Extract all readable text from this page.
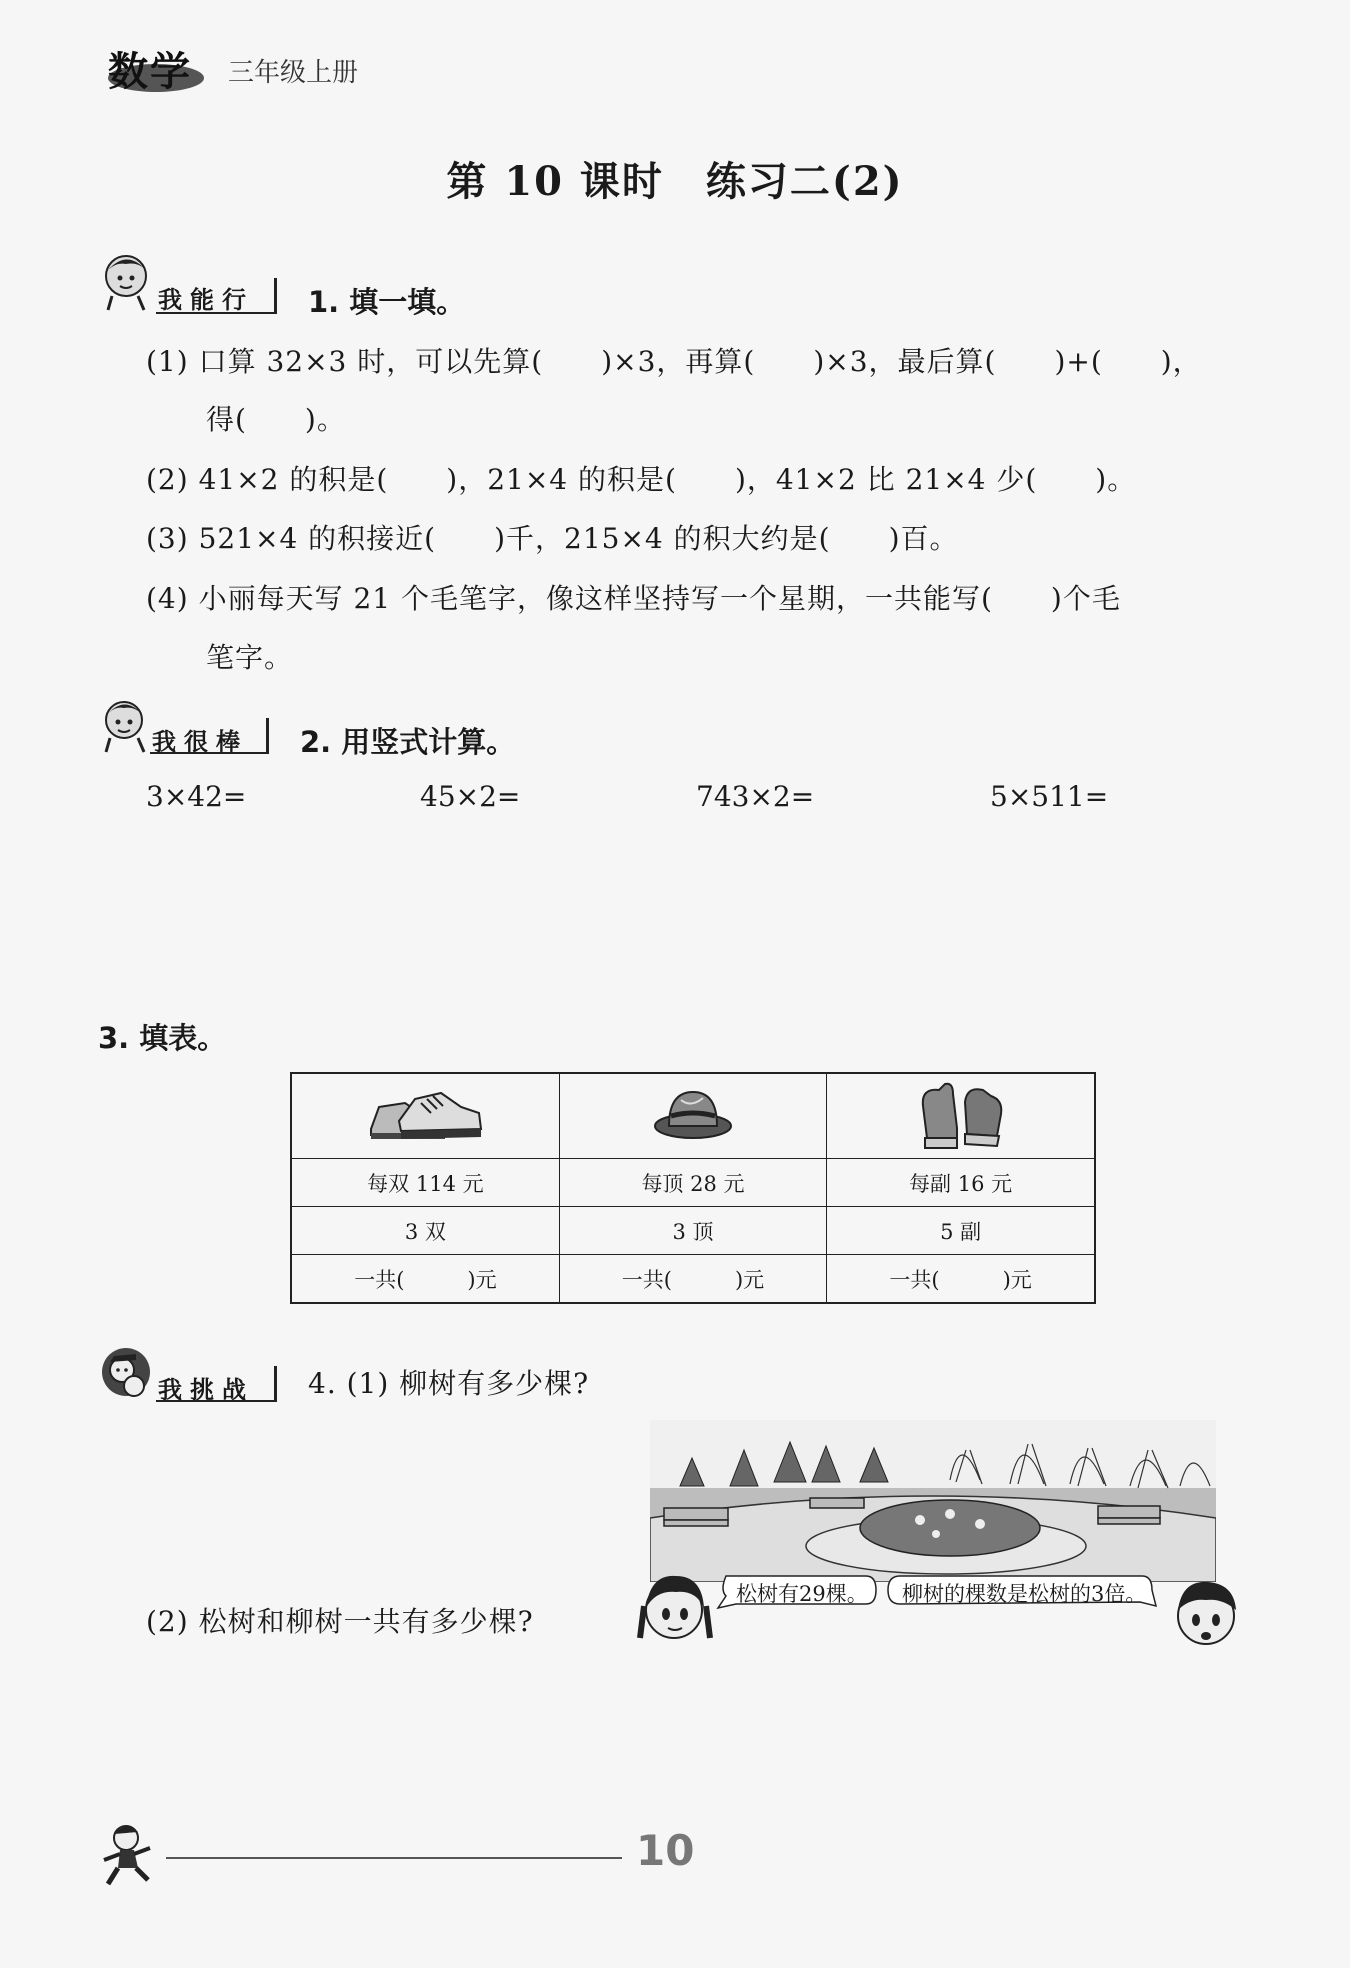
数学 三年级上册
第 10 课时　练习二(2)
我能行 1. 填一填。
(1) 口算 32×3 时，可以先算(　　)×3，再算(　　)×3，最后算(　　)+(　　)，
得(　　)。
(2) 41×2 的积是(　　)，21×4 的积是(　　)，41×2 比 21×4 少(　　)。
(3) 521×4 的积接近(　　)千，215×4 的积大约是(　　)百。
(4) 小丽每天写 21 个毛笔字，像这样坚持写一个星期，一共能写(　　)个毛
笔字。
我很棒 2. 用竖式计算。
3×42=	45×2=	743×2=	5×511=
3. 填表。

每双 114 元	每顶 28 元	每副 16 元
3 双	3 顶	5 副
一共(　　　)元	一共(　　　)元	一共(　　　)元
我挑战 4. (1) 柳树有多少棵?
(2) 松树和柳树一共有多少棵?
松树有29棵。 柳树的棵数是松树的3倍。
10
